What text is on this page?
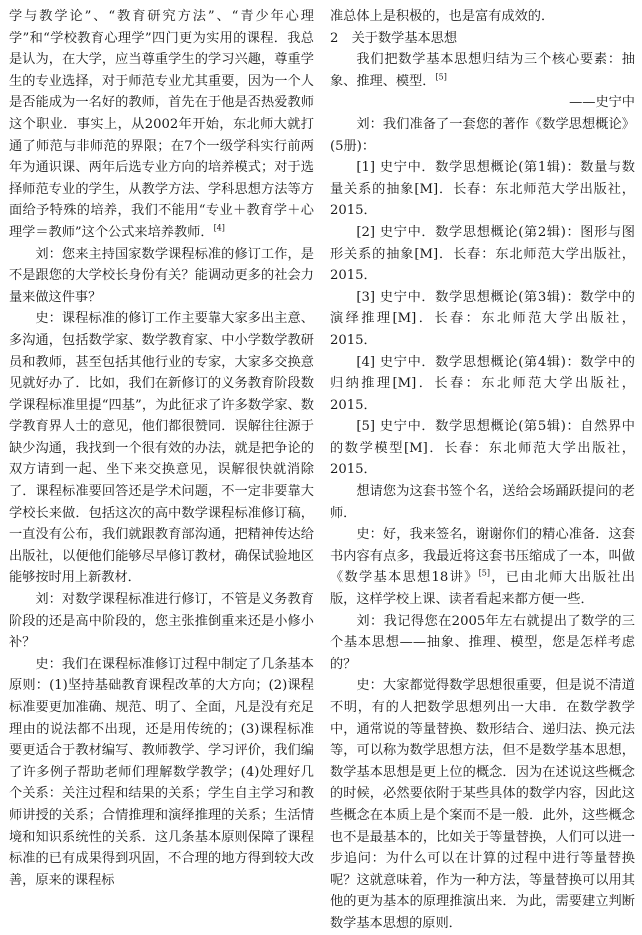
学与教学论”、“教育研究方法”、“青少年心理学”和“学校教育心理学”四门更为实用的课程．我总是认为，在大学，应当尊重学生的学习兴趣，尊重学生的专业选择，对于师范专业尤其重要，因为一个人是否能成为一名好的教师，首先在于他是否热爱教师这个职业．事实上，从2002年开始，东北师大就打通了师范与非师范的界限；在7个一级学科实行前两年为通识课、两年后选专业方向的培养模式；对于选择师范专业的学生，从教学方法、学科思想方法等方面给予特殊的培养，我们不能用“专业＋教育学＋心理学＝教师”这个公式来培养教师．[4]

刘：您来主持国家数学课程标准的修订工作，是不是跟您的大学校长身份有关？能调动更多的社会力量来做这件事？

史：课程标准的修订工作主要靠大家多出主意、多沟通，包括数学家、数学教育家、中小学数学教研员和教师，甚至包括其他行业的专家，大家多交换意见就好办了．比如，我们在新修订的义务教育阶段数学课程标准里提“四基”，为此征求了许多数学家、数学教育界人士的意见，他们都很赞同．误解往往源于缺少沟通，我找到一个很有效的办法，就是把争论的双方请到一起、坐下来交换意见，误解很快就消除了．课程标准要回答还是学术问题，不一定非要靠大学校长来做．包括这次的高中数学课程标准修订稿，一直没有公布，我们就跟教育部沟通，把精神传达给出版社，以便他们能够尽早修订教材，确保试验地区能够按时用上新教材．

刘：对数学课程标准进行修订，不管是义务教育阶段的还是高中阶段的，您主张推倒重来还是小修小补？

史：我们在课程标准修订过程中制定了几条基本原则：(1)坚持基础教育课程改革的大方向；(2)课程标准要更加准确、规范、明了、全面，凡是没有充足理由的说法都不出现，还是用传统的；(3)课程标准要更适合于教材编写、教师教学、学习评价，我们编了许多例子帮助老师们理解数学教学；(4)处理好几个关系：关注过程和结果的关系；学生自主学习和教师讲授的关系；合情推理和演绎推理的关系；生活情境和知识系统性的关系．这几条基本原则保障了课程标准的已有成果得到巩固，不合理的地方得到较大改善，原来的课程标

准总体上是积极的，也是富有成效的．

2　关于数学基本思想

我们把数学基本思想归结为三个核心要素：抽象、推理、模型．[5]

——史宁中

刘：我们准备了一套您的著作《数学思想概论》(5册)：

[1] 史宁中．数学思想概论(第1辑)：数量与数量关系的抽象[M]．长春：东北师范大学出版社，2015．

[2] 史宁中．数学思想概论(第2辑)：图形与图形关系的抽象[M]．长春：东北师范大学出版社，2015．

[3] 史宁中．数学思想概论(第3辑)：数学中的演绎推理[M]．长春：东北师范大学出版社，2015．

[4] 史宁中．数学思想概论(第4辑)：数学中的归纳推理[M]．长春：东北师范大学出版社，2015．

[5] 史宁中．数学思想概论(第5辑)：自然界中的数学模型[M]．长春：东北师范大学出版社，2015．

想请您为这套书签个名，送给会场踊跃提问的老师．

史：好，我来签名，谢谢你们的精心准备．这套书内容有点多，我最近将这套书压缩成了一本，叫做《数学基本思想18讲》[5]，已由北师大出版社出版，这样学校上课、读者看起来都方便一些．

刘：我记得您在2005年左右就提出了数学的三个基本思想——抽象、推理、模型，您是怎样考虑的？

史：大家都觉得数学思想很重要，但是说不清道不明，有的人把数学思想列出一大串．在数学教学中，通常说的等量替换、数形结合、递归法、换元法等，可以称为数学思想方法，但不是数学基本思想，数学基本思想是更上位的概念．因为在述说这些概念的时候，必然要依附于某些具体的数学内容，因此这些概念在本质上是个案而不是一般．此外，这些概念也不是最基本的，比如关于等量替换，人们可以进一步追问：为什么可以在计算的过程中进行等量替换呢？这就意味着，作为一种方法，等量替换可以用其他的更为基本的原理推演出来．为此，需要建立判断数学基本思想的原则．
